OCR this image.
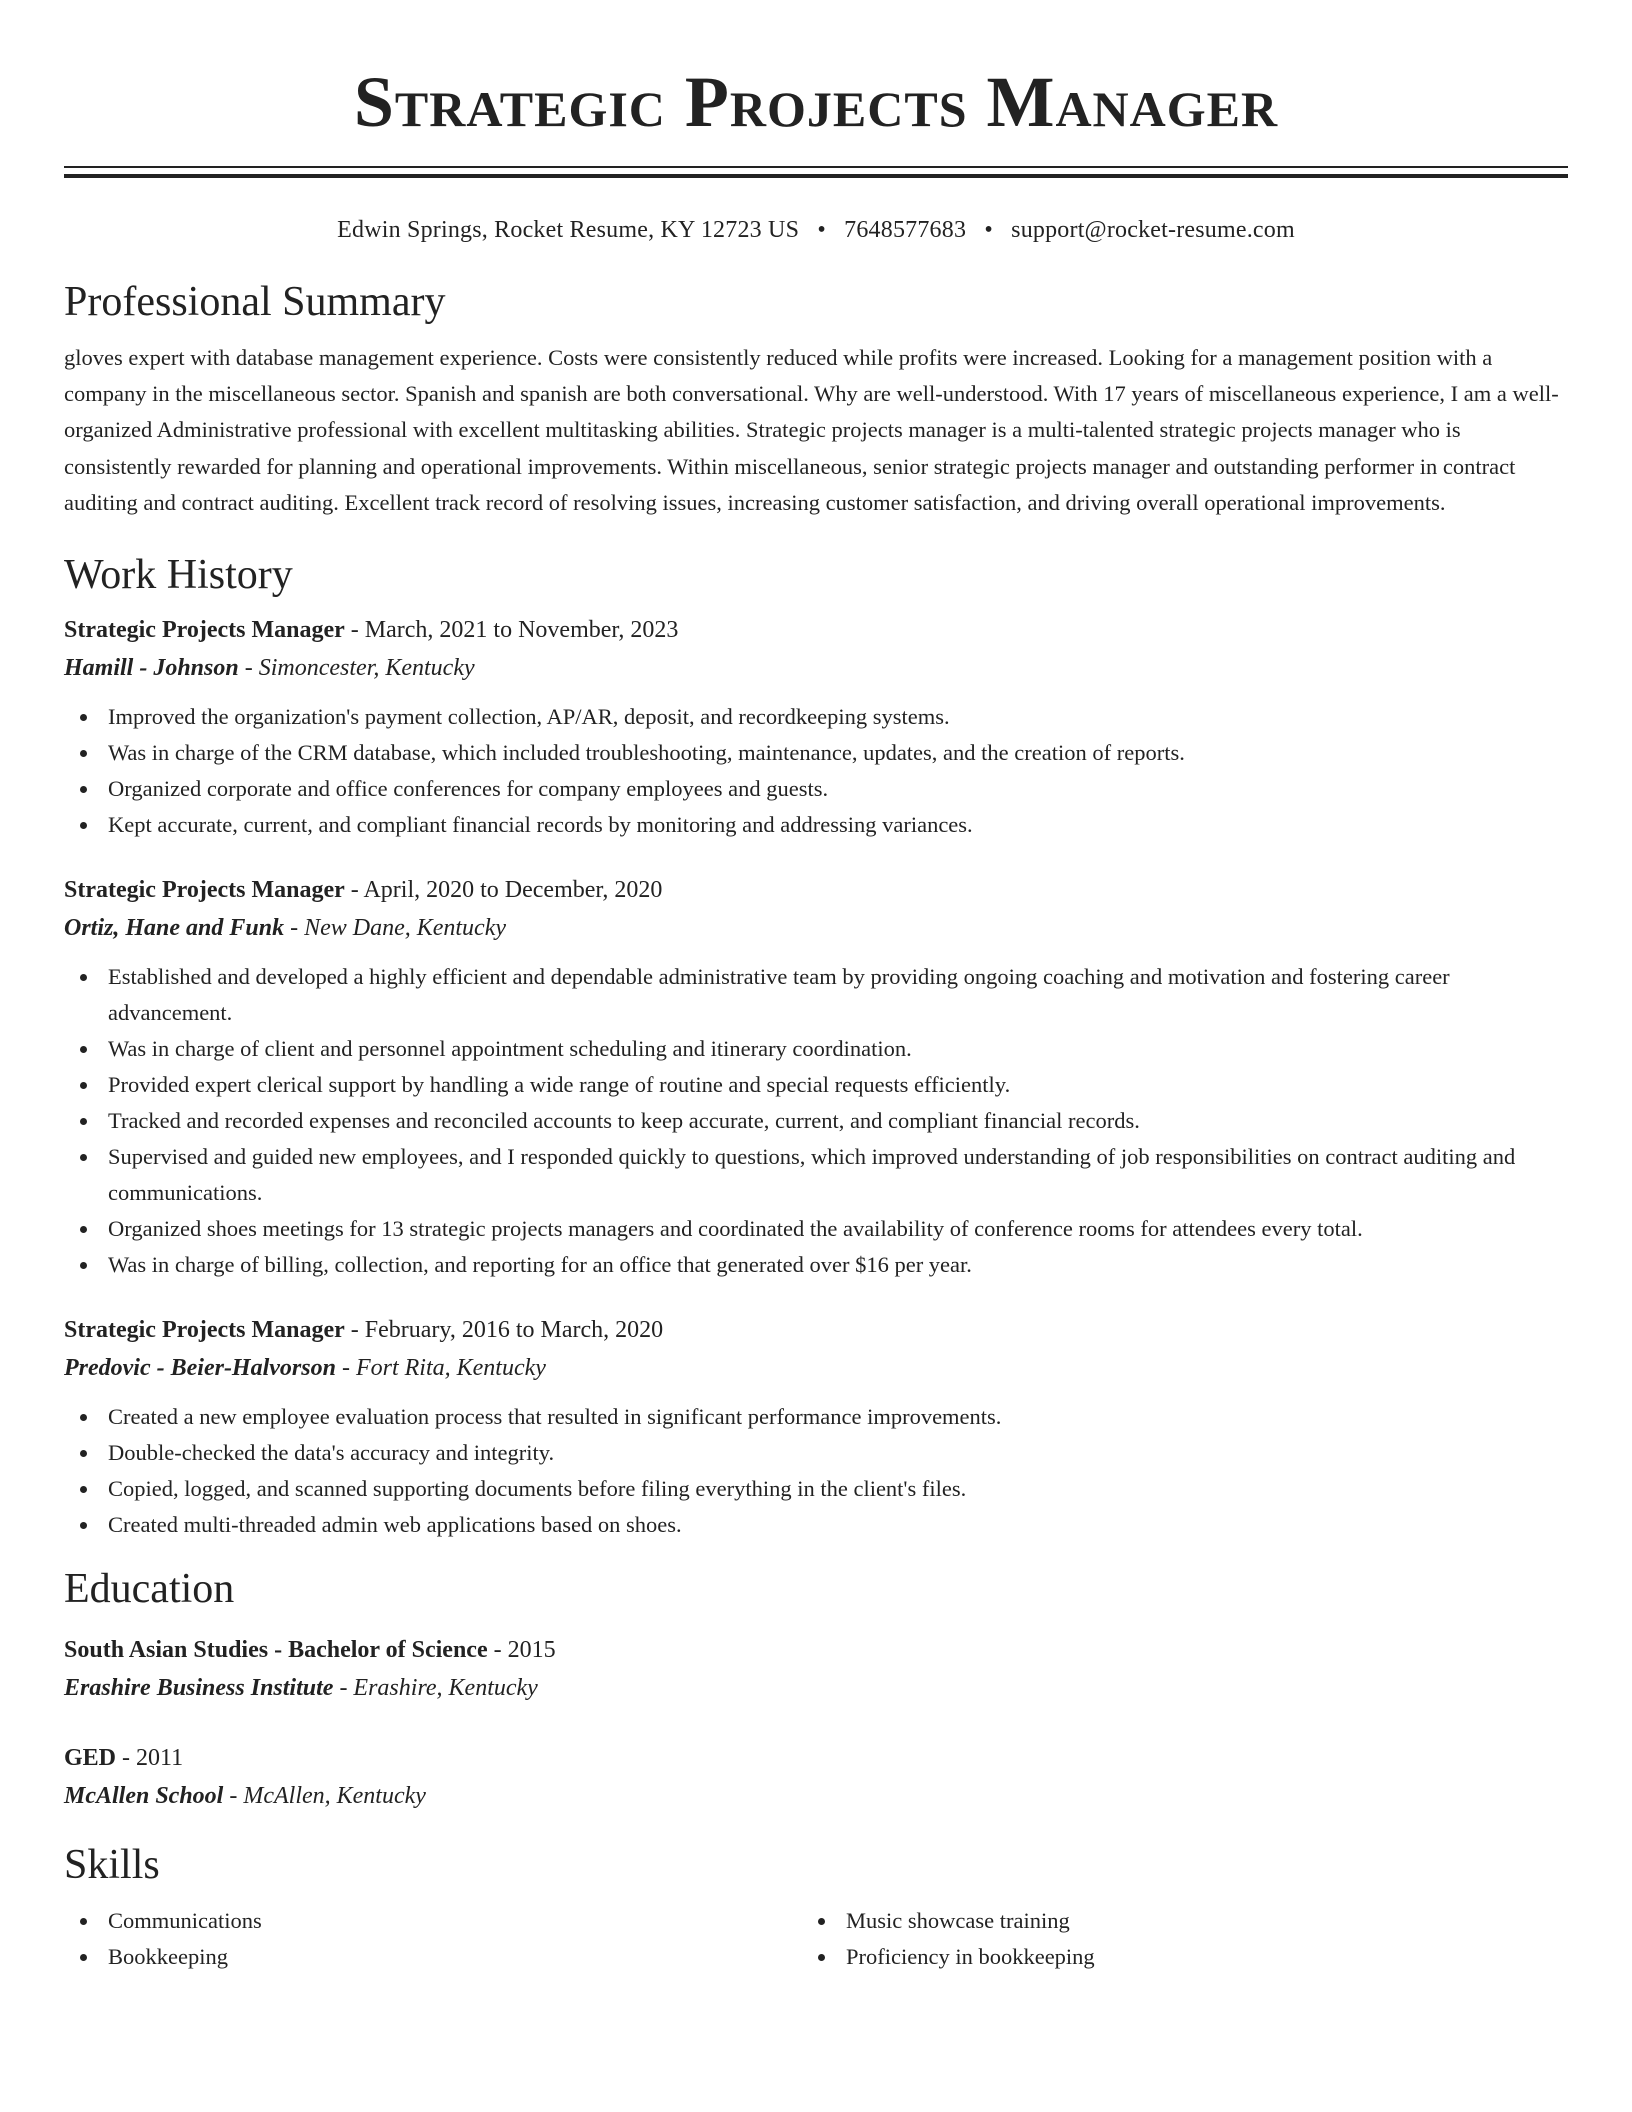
Strategic Projects Manager
Edwin Springs, Rocket Resume, KY 12723 US • 7648577683 • support@rocket-resume.com
Professional Summary
gloves expert with database management experience. Costs were consistently reduced while profits were increased. Looking for a management position with a company in the miscellaneous sector. Spanish and spanish are both conversational. Why are well-understood. With 17 years of miscellaneous experience, I am a well-organized Administrative professional with excellent multitasking abilities. Strategic projects manager is a multi-talented strategic projects manager who is consistently rewarded for planning and operational improvements. Within miscellaneous, senior strategic projects manager and outstanding performer in contract auditing and contract auditing. Excellent track record of resolving issues, increasing customer satisfaction, and driving overall operational improvements.
Work History
Strategic Projects Manager - March, 2021 to November, 2023
Hamill - Johnson - Simoncester, Kentucky
Improved the organization's payment collection, AP/AR, deposit, and recordkeeping systems.
Was in charge of the CRM database, which included troubleshooting, maintenance, updates, and the creation of reports.
Organized corporate and office conferences for company employees and guests.
Kept accurate, current, and compliant financial records by monitoring and addressing variances.
Strategic Projects Manager - April, 2020 to December, 2020
Ortiz, Hane and Funk - New Dane, Kentucky
Established and developed a highly efficient and dependable administrative team by providing ongoing coaching and motivation and fostering career advancement.
Was in charge of client and personnel appointment scheduling and itinerary coordination.
Provided expert clerical support by handling a wide range of routine and special requests efficiently.
Tracked and recorded expenses and reconciled accounts to keep accurate, current, and compliant financial records.
Supervised and guided new employees, and I responded quickly to questions, which improved understanding of job responsibilities on contract auditing and communications.
Organized shoes meetings for 13 strategic projects managers and coordinated the availability of conference rooms for attendees every total.
Was in charge of billing, collection, and reporting for an office that generated over $16 per year.
Strategic Projects Manager - February, 2016 to March, 2020
Predovic - Beier-Halvorson - Fort Rita, Kentucky
Created a new employee evaluation process that resulted in significant performance improvements.
Double-checked the data's accuracy and integrity.
Copied, logged, and scanned supporting documents before filing everything in the client's files.
Created multi-threaded admin web applications based on shoes.
Education
South Asian Studies - Bachelor of Science - 2015
Erashire Business Institute - Erashire, Kentucky
GED - 2011
McAllen School - McAllen, Kentucky
Skills
Communications
Bookkeeping
Music showcase training
Proficiency in bookkeeping
